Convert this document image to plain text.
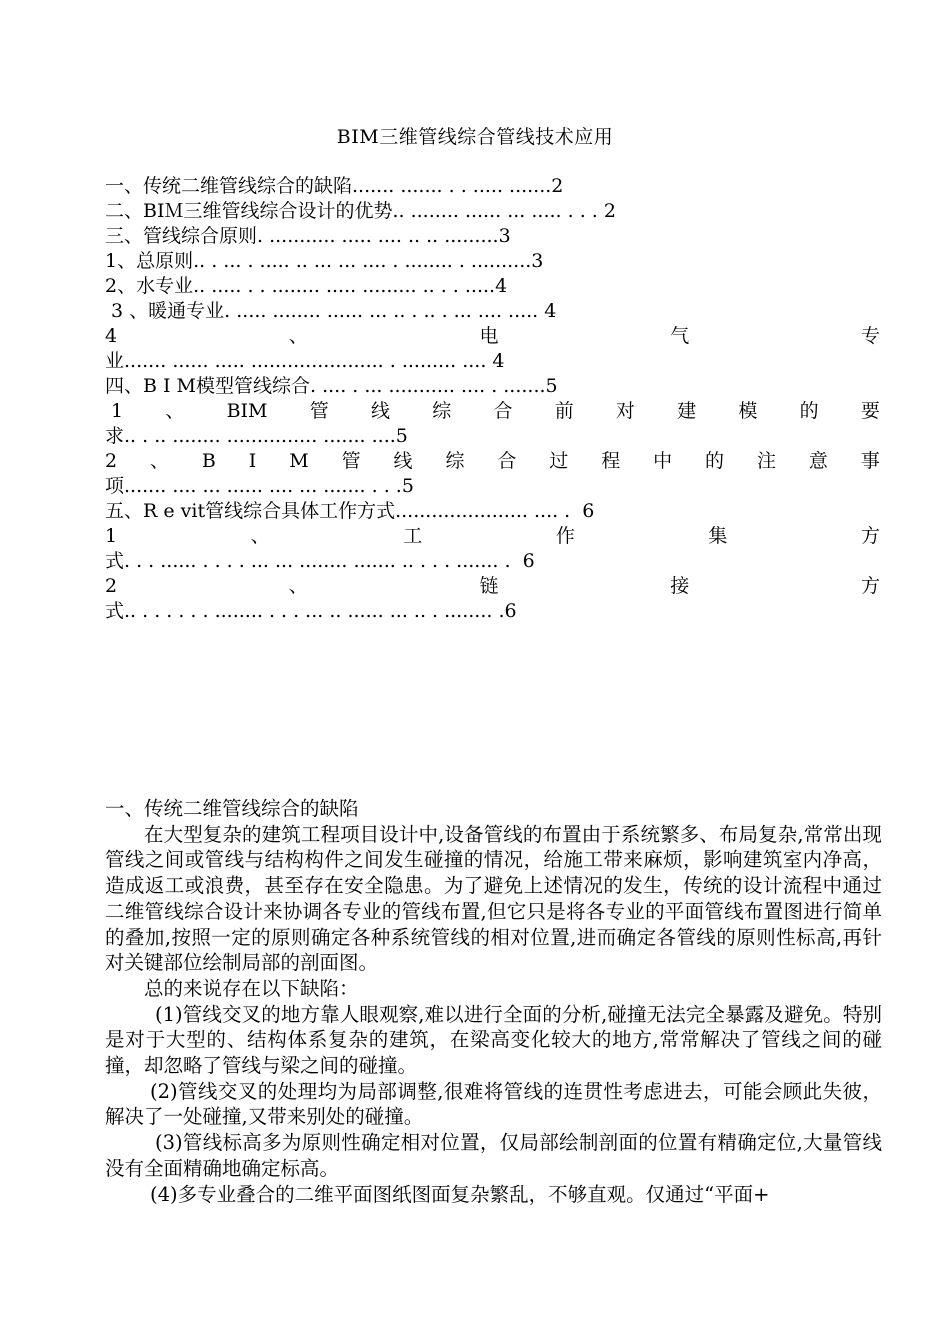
BIM三维管线综合管线技术应用
一、传统二维管线综合的缺陷....... ....... . . ..... .......2
二、BIＭ三维管线综合设计的优势.. ........ ...... ... ..... . . . 2
三、管线综合原则. ........... ..... .... .. .. .........3
1、总原则.. . ... . ..... .. ... ... .... . ........ . ..........3
2、水专业.. ..... . . ........ ..... ......... .. . . .....4
3 、暖通专业. ..... ........ ...... ... .. . .. . ... .... ..... 4
4	、	电	气	专
业....... ...... ..... ...................... . ......... .... 4
四、B I M模型管线综合. .... . ... ........... .... . .......5
1 、 BIM 管 线 综 合 前 对 建 模 的 要
求.. . .. ........ ............... ....... ....5
2 、 B I M 管 线 综 合 过 程 中 的 注 意 事
项....... .... ... ...... .... ... ....... . . .5
五、R e vit管线综合具体工作方式...................... .... .  6
1	、	工	作	集	方
式. . . ...... . . . . ... ... ........ ....... .. . . . ....... .  6
2	、	链	接	方
式.. . . . . . . ........ . . . ... .. ...... ... .. . ........ .6

一、传统二维管线综合的缺陷

在大型复杂的建筑工程项目设计中,设备管线的布置由于系统繁多、布局复杂,常常出现管线之间或管线与结构构件之间发生碰撞的情况，给施工带来麻烦，影响建筑室内净高，造成返工或浪费，甚至存在安全隐患。为了避免上述情况的发生，传统的设计流程中通过二维管线综合设计来协调各专业的管线布置,但它只是将各专业的平面管线布置图进行简单的叠加,按照一定的原则确定各种系统管线的相对位置,进而确定各管线的原则性标高,再针对关键部位绘制局部的剖面图。

总的来说存在以下缺陷：

(1)管线交叉的地方靠人眼观察,难以进行全面的分析,碰撞无法完全暴露及避免。特别是对于大型的、结构体系复杂的建筑，在梁高变化较大的地方,常常解决了管线之间的碰撞，却忽略了管线与梁之间的碰撞。

(2)管线交叉的处理均为局部调整,很难将管线的连贯性考虑进去，可能会顾此失彼，解决了一处碰撞,又带来别处的碰撞。

(3)管线标高多为原则性确定相对位置，仅局部绘制剖面的位置有精确定位,大量管线没有全面精确地确定标高。

(4)多专业叠合的二维平面图纸图面复杂繁乱，不够直观。仅通过“平面+
